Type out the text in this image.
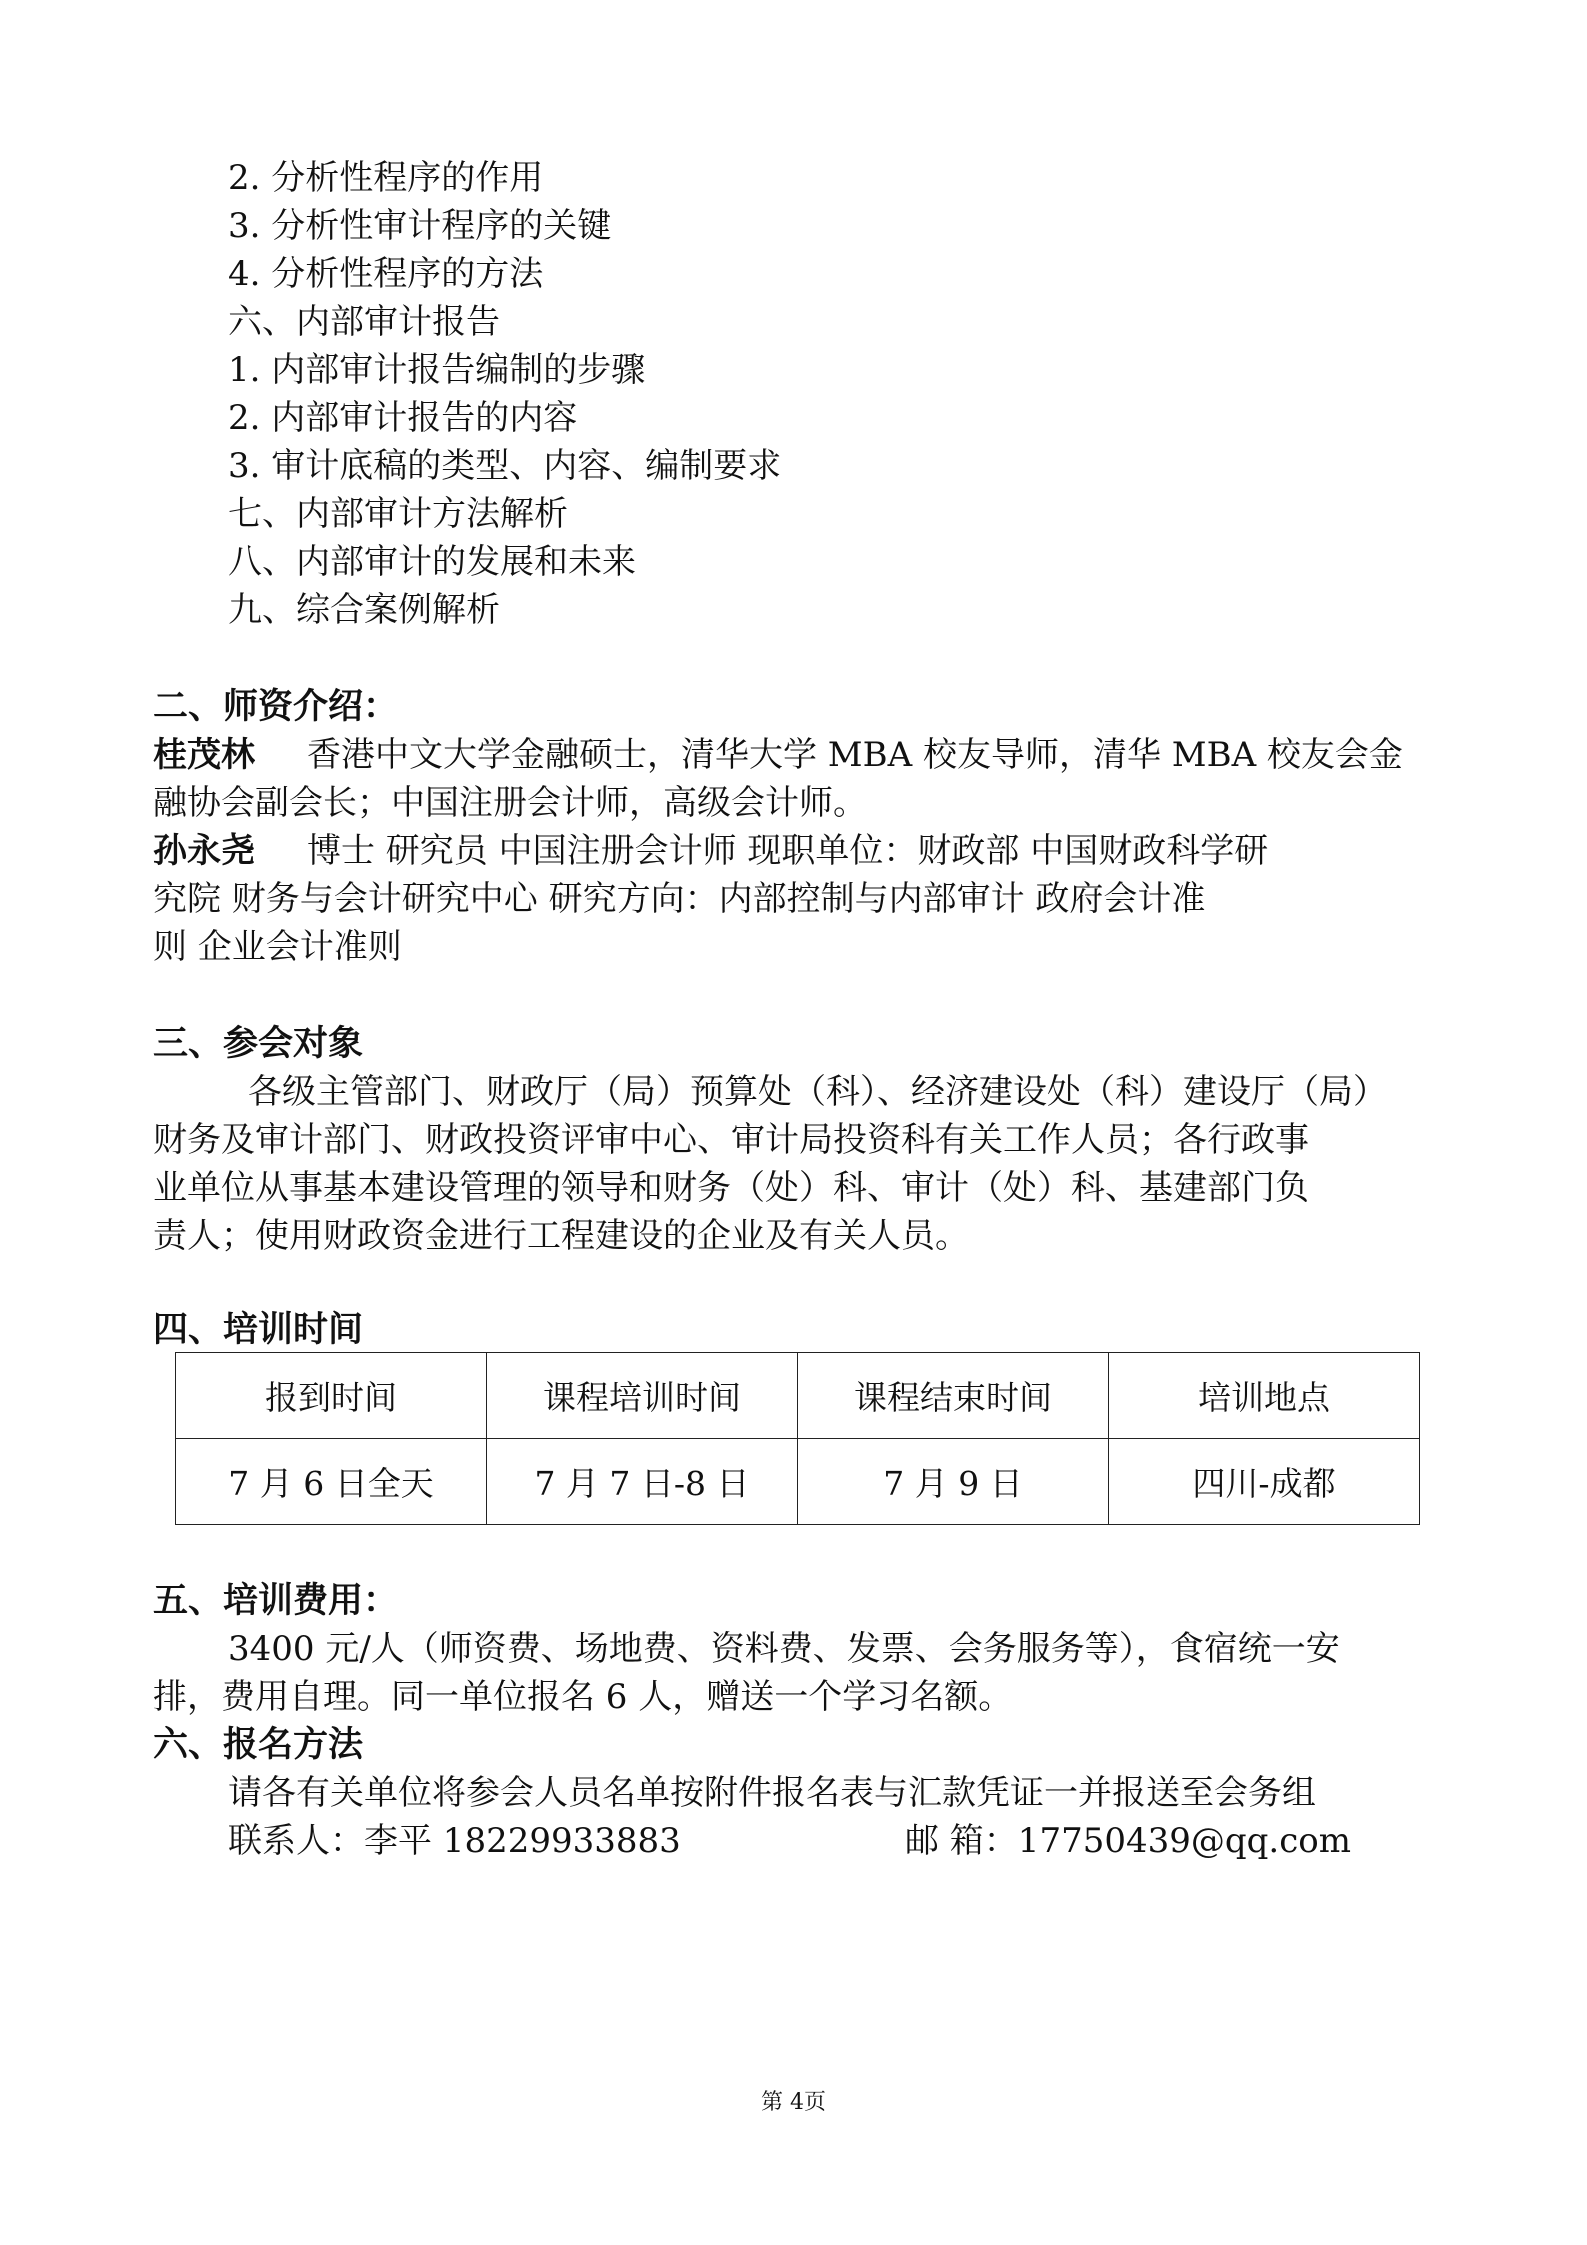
2. 分析性程序的作用
3. 分析性审计程序的关键
4. 分析性程序的方法
六、内部审计报告
1. 内部审计报告编制的步骤
2. 内部审计报告的内容
3. 审计底稿的类型、内容、编制要求
七、内部审计方法解析
八、内部审计的发展和未来
九、综合案例解析
二、师资介绍：
桂茂林 香港中文大学金融硕士，清华大学 MBA 校友导师，清华 MBA 校友会金
融协会副会长；中国注册会计师，高级会计师。
孙永尧 博士 研究员 中国注册会计师 现职单位：财政部 中国财政科学研
究院 财务与会计研究中心 研究方向：内部控制与内部审计 政府会计准
则 企业会计准则
三、参会对象
各级主管部门、财政厅（局）预算处（科）、经济建设处（科）建设厅（局）
财务及审计部门、财政投资评审中心、审计局投资科有关工作人员；各行政事
业单位从事基本建设管理的领导和财务（处）科、审计（处）科、基建部门负
责人；使用财政资金进行工程建设的企业及有关人员。
四、培训时间
报到时间	课程培训时间	课程结束时间	培训地点
7 月 6 日全天	7 月 7 日-8 日	7 月 9 日	四川-成都
五、培训费用：
3400 元/人（师资费、场地费、资料费、发票、会务服务等），食宿统一安
排，费用自理。同一单位报名 6 人，赠送一个学习名额。
六、报名方法
请各有关单位将参会人员名单按附件报名表与汇款凭证一并报送至会务组
联系人：李平 18229933883	邮 箱：17750439@qq.com
第 4页
